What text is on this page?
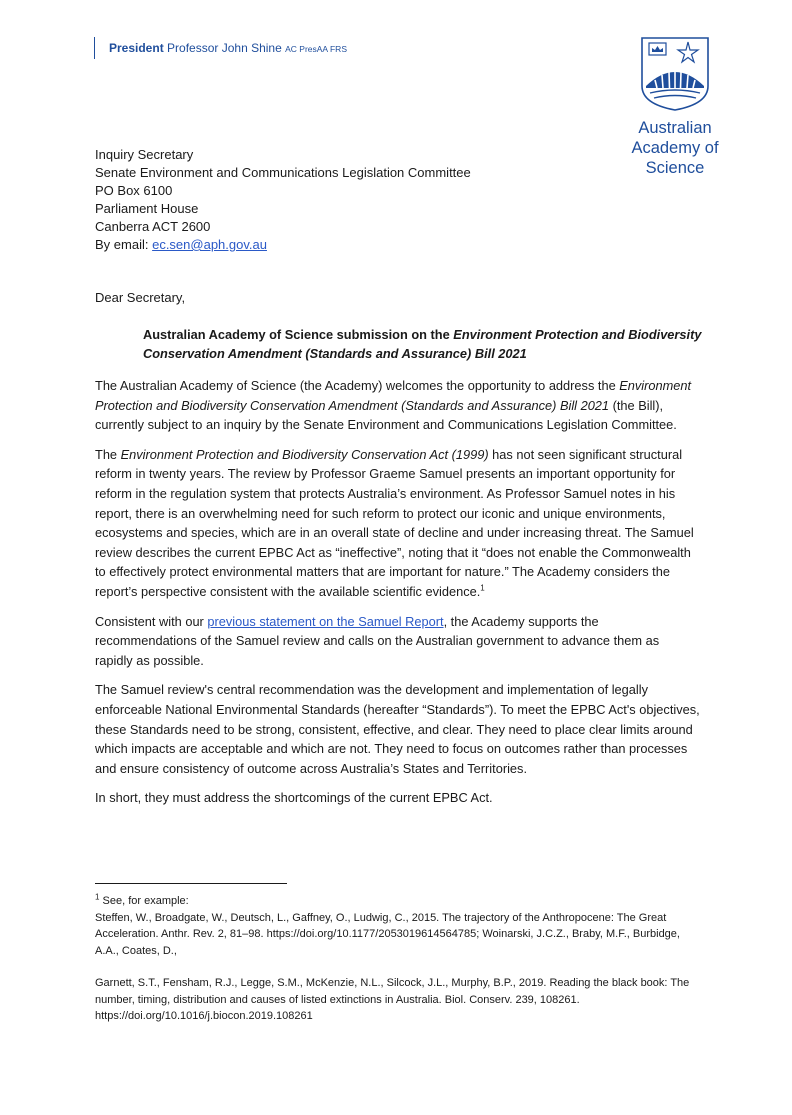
President Professor John Shine AC PresAA FRS
Australian
Academy of
Science
Inquiry Secretary
Senate Environment and Communications Legislation Committee
PO Box 6100
Parliament House
Canberra ACT 2600
By email: ec.sen@aph.gov.au
Dear Secretary,
Australian Academy of Science submission on the Environment Protection and Biodiversity Conservation Amendment (Standards and Assurance) Bill 2021

The Australian Academy of Science (the Academy) welcomes the opportunity to address the Environment Protection and Biodiversity Conservation Amendment (Standards and Assurance) Bill 2021 (the Bill), currently subject to an inquiry by the Senate Environment and Communications Legislation Committee.

The Environment Protection and Biodiversity Conservation Act (1999) has not seen significant structural reform in twenty years. The review by Professor Graeme Samuel presents an important opportunity for reform in the regulation system that protects Australia’s environment. As Professor Samuel notes in his report, there is an overwhelming need for such reform to protect our iconic and unique environments, ecosystems and species, which are in an overall state of decline and under increasing threat. The Samuel review describes the current EPBC Act as “ineffective”, noting that it “does not enable the Commonwealth to effectively protect environmental matters that are important for nature.” The Academy considers the report’s perspective consistent with the available scientific evidence.$^1$

Consistent with our previous statement on the Samuel Report, the Academy supports the recommendations of the Samuel review and calls on the Australian government to advance them as rapidly as possible.

The Samuel review's central recommendation was the development and implementation of legally enforceable National Environmental Standards (hereafter “Standards”). To meet the EPBC Act's objectives, these Standards need to be strong, consistent, effective, and clear. They need to place clear limits around which impacts are acceptable and which are not. They need to focus on outcomes rather than processes and ensure consistency of outcome across Australia’s States and Territories.

In short, they must address the shortcomings of the current EPBC Act.

$^1$ See, for example:

Steffen, W., Broadgate, W., Deutsch, L., Gaffney, O., Ludwig, C., 2015. The trajectory of the Anthropocene: The Great Acceleration. Anthr. Rev. 2, 81–98. https://doi.org/10.1177/2053019614564785; Woinarski, J.C.Z., Braby, M.F., Burbidge, A.A., Coates, D.,

Garnett, S.T., Fensham, R.J., Legge, S.M., McKenzie, N.L., Silcock, J.L., Murphy, B.P., 2019. Reading the black book: The number, timing, distribution and causes of listed extinctions in Australia. Biol. Conserv. 239, 108261. https://doi.org/10.1016/j.biocon.2019.108261
